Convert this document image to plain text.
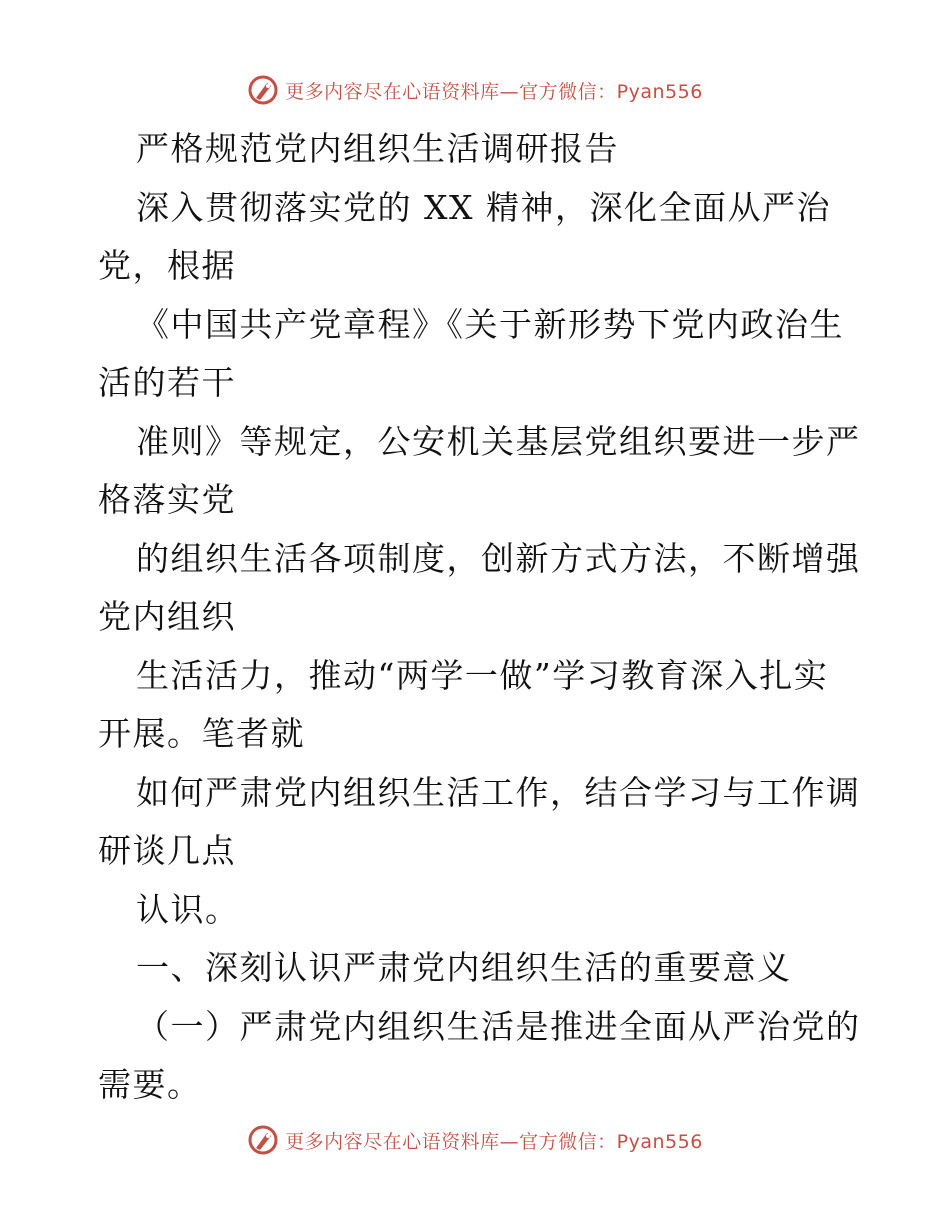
更多内容尽在心语资料库—官方微信：Pyan556
严格规范党内组织生活调研报告
深入贯彻落实党的 XX 精神，深化全面从严治
党，根据
《中国共产党章程》《关于新形势下党内政治生
活的若干
准则》等规定，公安机关基层党组织要进一步严
格落实党
的组织生活各项制度，创新方式方法，不断增强
党内组织
生活活力，推动“两学一做”学习教育深入扎实
开展。笔者就
如何严肃党内组织生活工作，结合学习与工作调
研谈几点
认识。
一、深刻认识严肃党内组织生活的重要意义
（一）严肃党内组织生活是推进全面从严治党的
需要。
更多内容尽在心语资料库—官方微信：Pyan556
